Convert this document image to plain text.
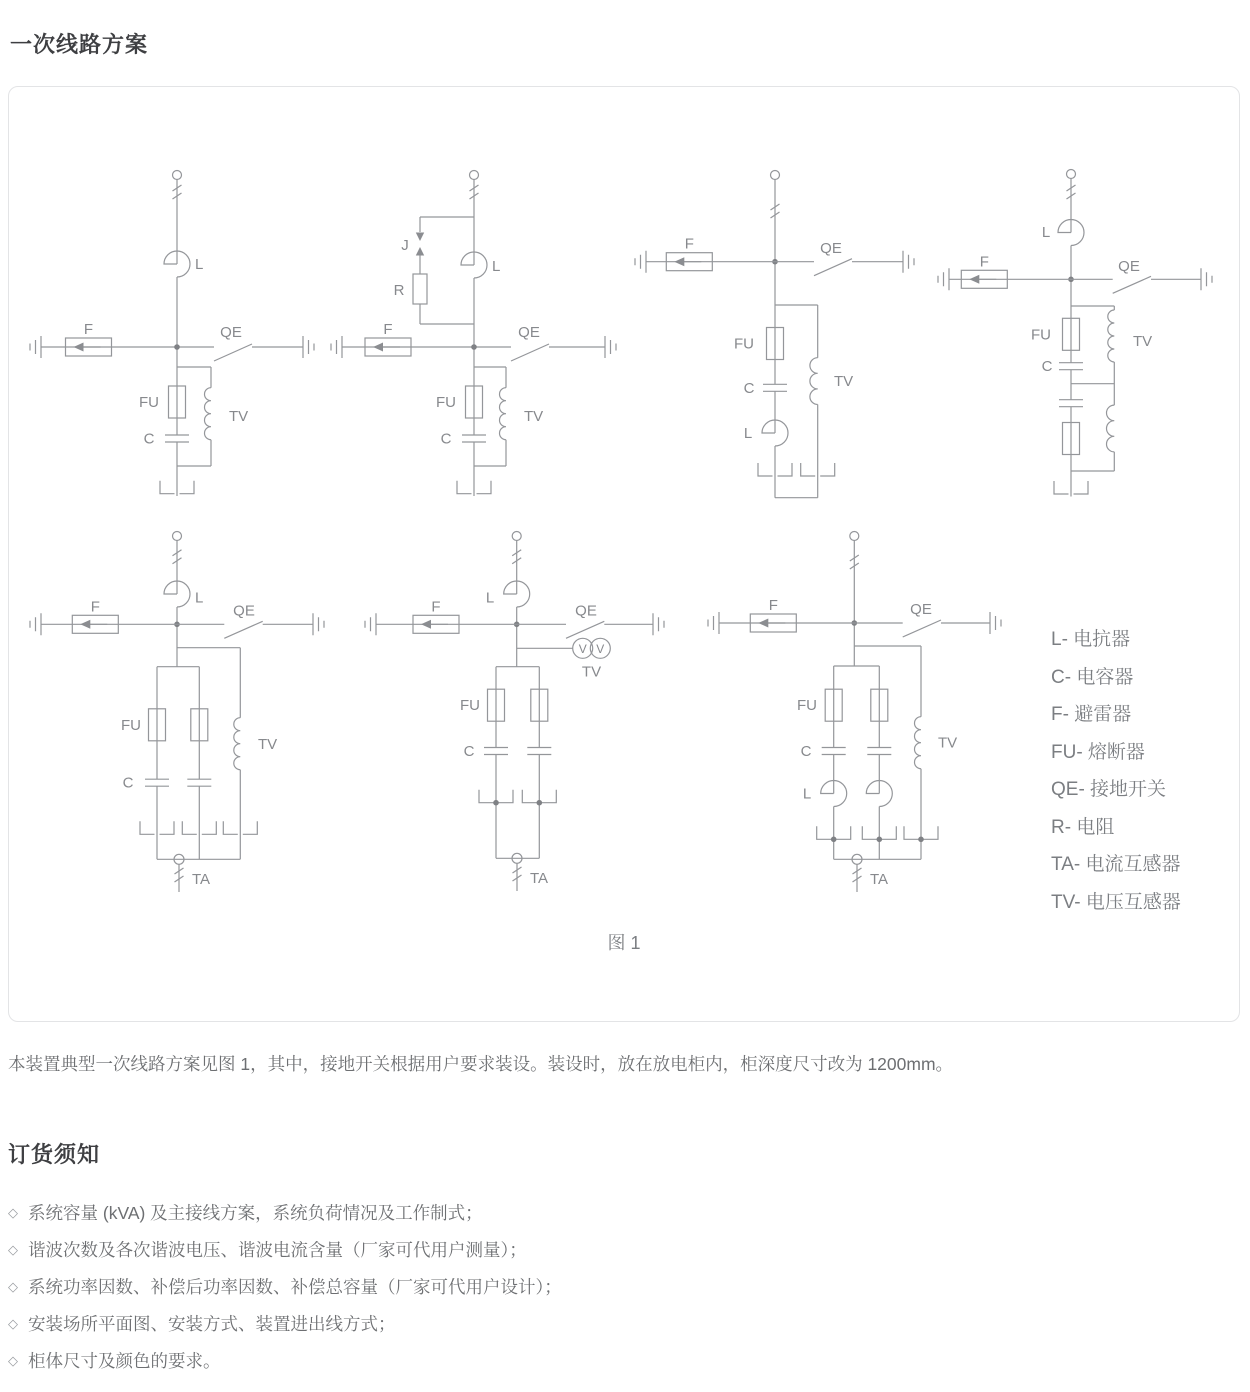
一次线路方案
L
F	QE
FU
C
TV
J
R
L
F	QE
FU
C
TV
F	QE
FU
C
L
TV
L
F	QE
FU
C
TV
L
F	QE
FU
C
TV
TA
V V
L
F	QE
TV
FU
C
TA
F	QE
FU
C
L
TV
TA
L- 电抗器
C- 电容器
F- 避雷器
FU- 熔断器
QE- 接地开关
R- 电阻
TA- 电流互感器
TV- 电压互感器
图 1
本装置典型一次线路方案见图 1，其中，接地开关根据用户要求装设。装设时，放在放电柜内，柜深度尺寸改为 1200mm。
订货须知
◇ 系统容量 (kVA) 及主接线方案，系统负荷情况及工作制式；
◇ 谐波次数及各次谐波电压、谐波电流含量（厂家可代用户测量）；
◇ 系统功率因数、补偿后功率因数、补偿总容量（厂家可代用户设计）；
◇ 安装场所平面图、安装方式、装置进出线方式；
◇ 柜体尺寸及颜色的要求。
